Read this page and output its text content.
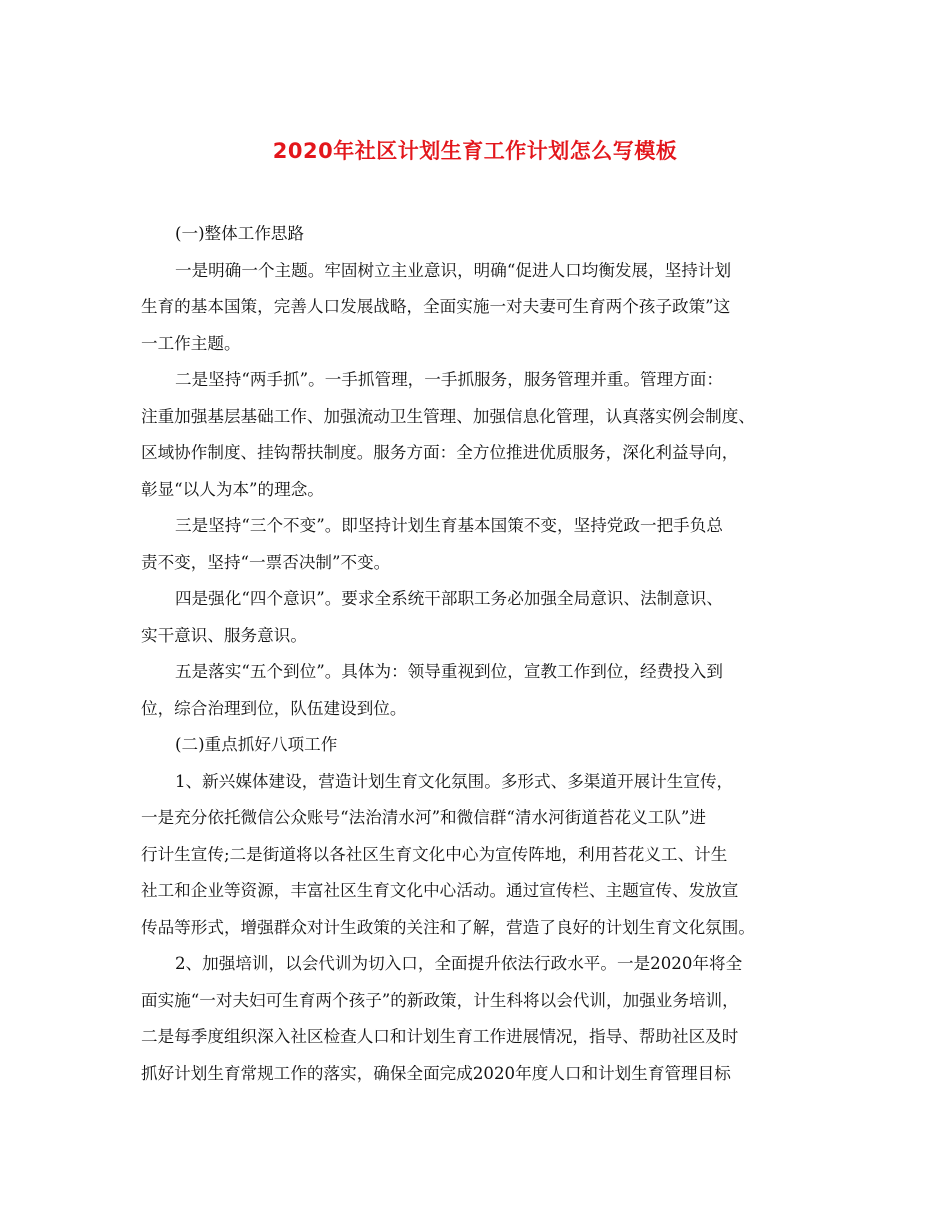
2020年社区计划生育工作计划怎么写模板
(一)整体工作思路
一是明确一个主题。牢固树立主业意识，明确“促进人口均衡发展，坚持计划
生育的基本国策，完善人口发展战略，全面实施一对夫妻可生育两个孩子政策”这
一工作主题。
二是坚持“两手抓”。一手抓管理，一手抓服务，服务管理并重。管理方面：
注重加强基层基础工作、加强流动卫生管理、加强信息化管理，认真落实例会制度、
区域协作制度、挂钩帮扶制度。服务方面：全方位推进优质服务，深化利益导向，
彰显“以人为本”的理念。
三是坚持“三个不变”。即坚持计划生育基本国策不变，坚持党政一把手负总
责不变，坚持“一票否决制”不变。
四是强化“四个意识”。要求全系统干部职工务必加强全局意识、法制意识、
实干意识、服务意识。
五是落实“五个到位”。具体为：领导重视到位，宣教工作到位，经费投入到
位，综合治理到位，队伍建设到位。
(二)重点抓好八项工作
1、新兴媒体建设，营造计划生育文化氛围。多形式、多渠道开展计生宣传，
一是充分依托微信公众账号“法治清水河”和微信群“清水河街道苔花义工队”进
行计生宣传;二是街道将以各社区生育文化中心为宣传阵地，利用苔花义工、计生
社工和企业等资源，丰富社区生育文化中心活动。通过宣传栏、主题宣传、发放宣
传品等形式，增强群众对计生政策的关注和了解，营造了良好的计划生育文化氛围。
2、加强培训，以会代训为切入口，全面提升依法行政水平。一是2020年将全
面实施“一对夫妇可生育两个孩子”的新政策，计生科将以会代训，加强业务培训，
二是每季度组织深入社区检查人口和计划生育工作进展情况，指导、帮助社区及时
抓好计划生育常规工作的落实，确保全面完成2020年度人口和计划生育管理目标
